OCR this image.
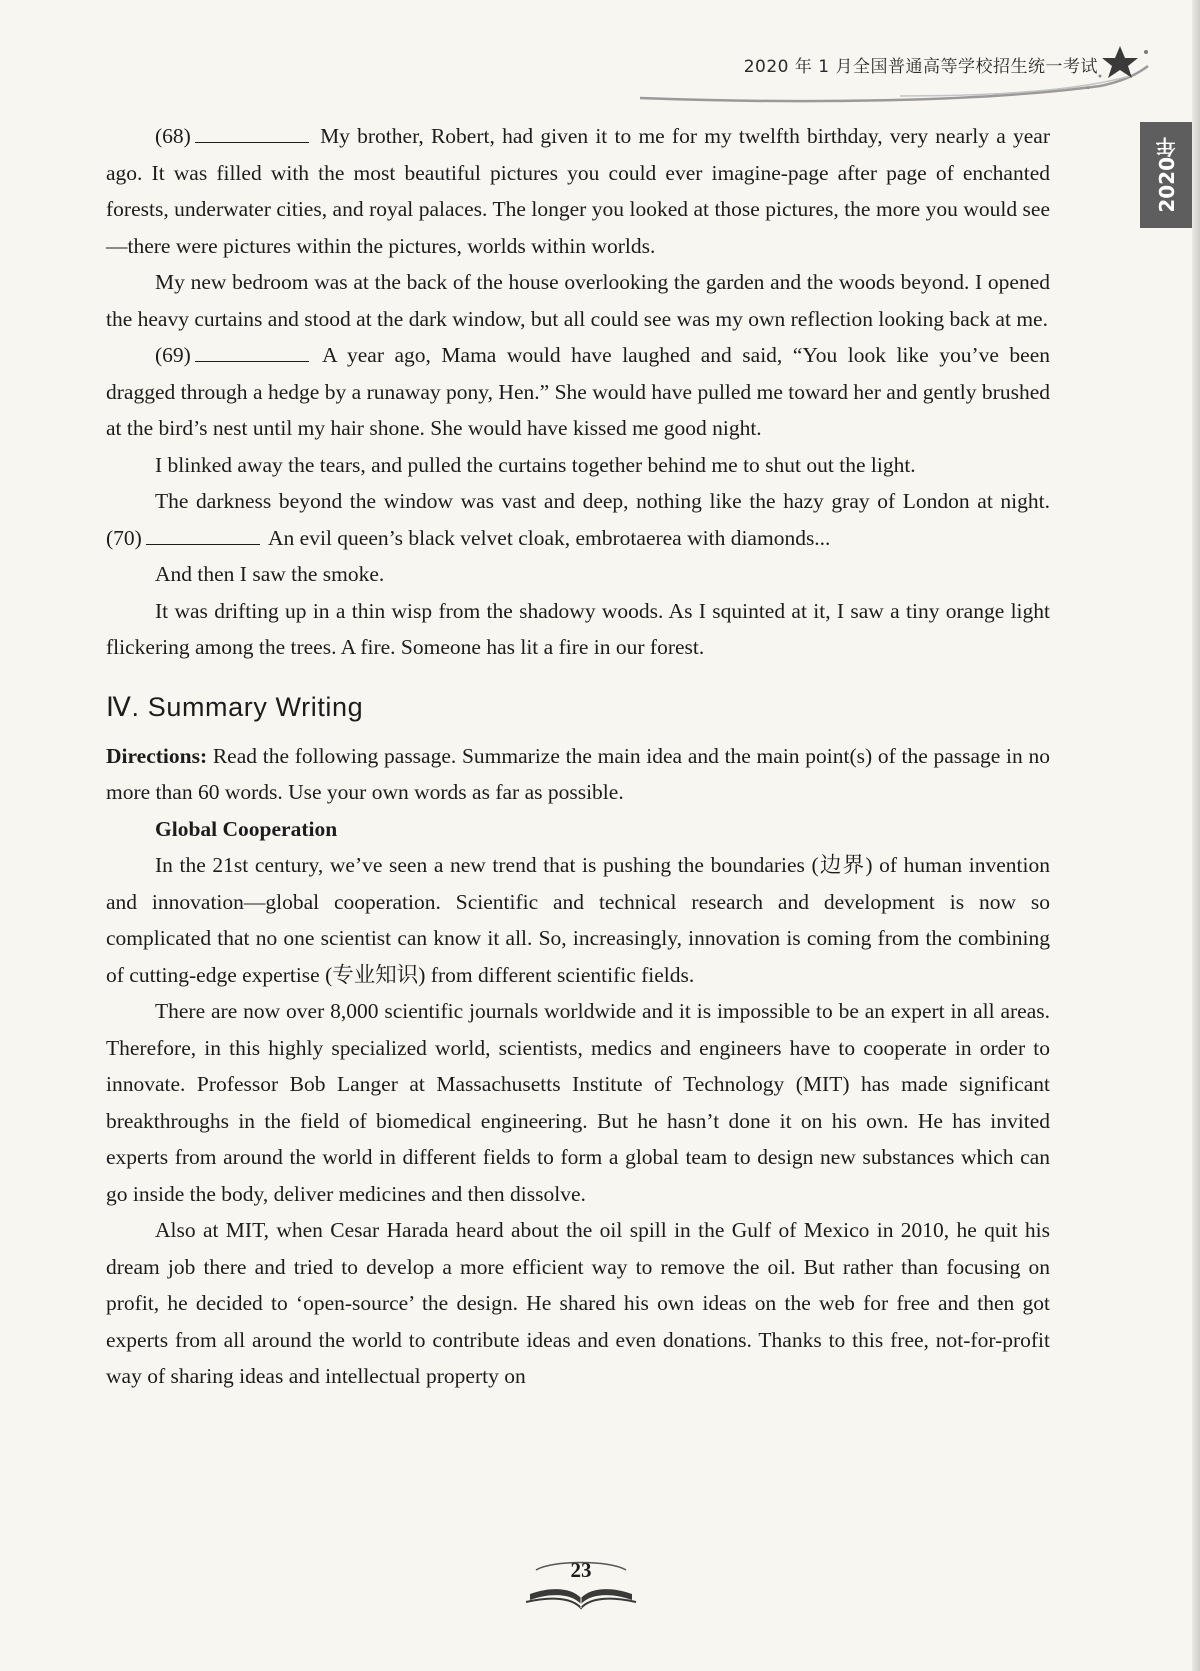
2020 年 1 月全国普通高等学校招生统一考试
2020年

(68)	My brother, Robert, had given it to me for my twelfth birthday, very nearly a year ago. It was filled with the most beautiful pictures you could ever imagine-page after page of enchanted forests, underwater cities, and royal palaces. The longer you looked at those pictures, the more you would see—there were pictures within the pictures, worlds within worlds.

My new bedroom was at the back of the house overlooking the garden and the woods beyond. I opened the heavy curtains and stood at the dark window, but all could see was my own reflection looking back at me.

(69)	A year ago, Mama would have laughed and said, “You look like you’ve been dragged through a hedge by a runaway pony, Hen.” She would have pulled me toward her and gently brushed at the bird’s nest until my hair shone. She would have kissed me good night.

I blinked away the tears, and pulled the curtains together behind me to shut out the light.

The darkness beyond the window was vast and deep, nothing like the hazy gray of London at night. (70)	An evil queen’s black velvet cloak, embrotaerea with diamonds...

And then I saw the smoke.

It was drifting up in a thin wisp from the shadowy woods. As I squinted at it, I saw a tiny orange light flickering among the trees. A fire. Someone has lit a fire in our forest.

Ⅳ. Summary Writing

Directions: Read the following passage. Summarize the main idea and the main point(s) of the passage in no more than 60 words. Use your own words as far as possible.

Global Cooperation

In the 21st century, we’ve seen a new trend that is pushing the boundaries (边界) of human invention and innovation—global cooperation. Scientific and technical research and development is now so complicated that no one scientist can know it all. So, increasingly, innovation is coming from the combining of cutting-edge expertise (专业知识) from different scientific fields.

There are now over 8,000 scientific journals worldwide and it is impossible to be an expert in all areas. Therefore, in this highly specialized world, scientists, medics and engineers have to cooperate in order to innovate. Professor Bob Langer at Massachusetts Institute of Technology (MIT) has made significant breakthroughs in the field of biomedical engineering. But he hasn’t done it on his own. He has invited experts from around the world in different fields to form a global team to design new substances which can go inside the body, deliver medicines and then dissolve.

Also at MIT, when Cesar Harada heard about the oil spill in the Gulf of Mexico in 2010, he quit his dream job there and tried to develop a more efficient way to remove the oil. But rather than focusing on profit, he decided to ‘open-source’ the design. He shared his own ideas on the web for free and then got experts from all around the world to contribute ideas and even donations. Thanks to this free, not-for-profit way of sharing ideas and intellectual property on

23
